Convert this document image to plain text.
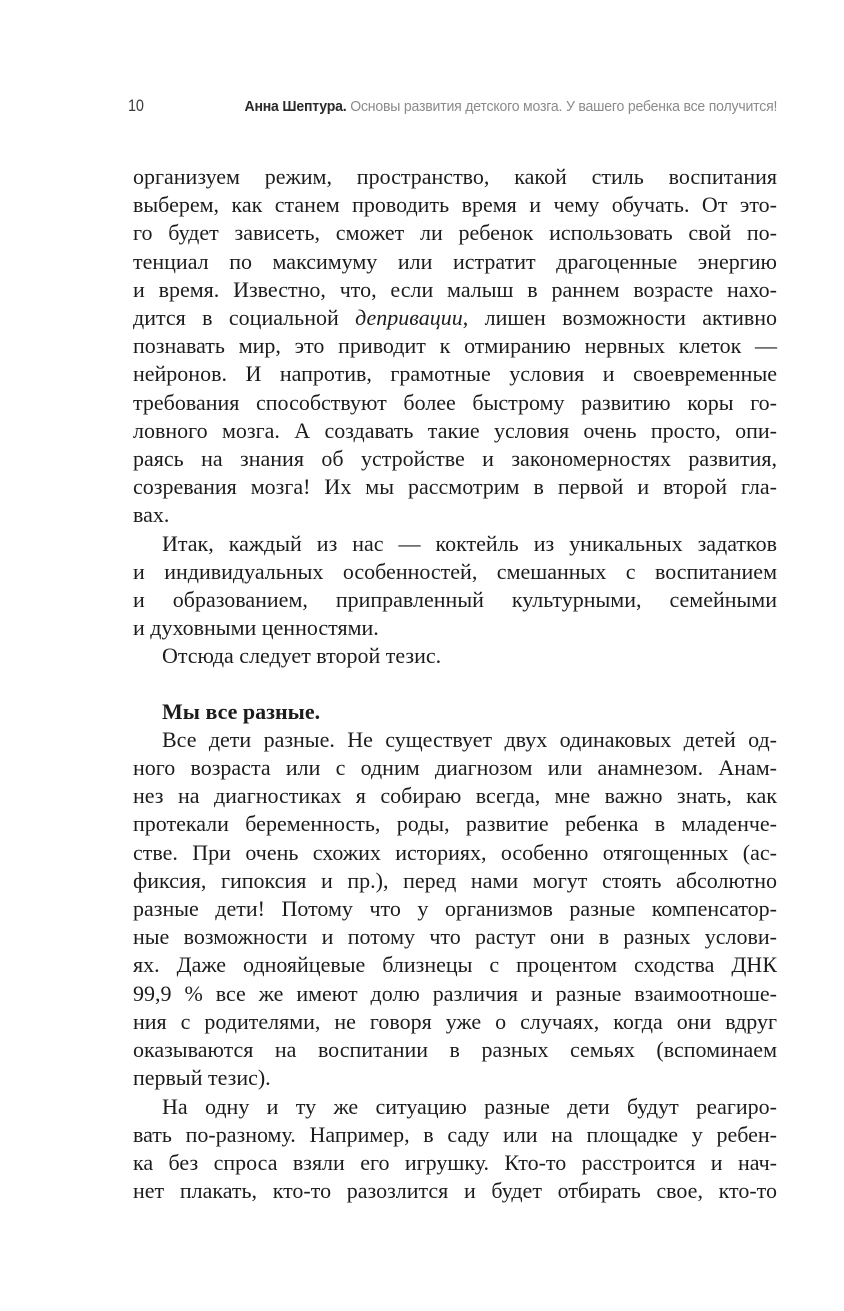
10	Анна Шептура. Основы развития детского мозга. У вашего ребенка все получится!
организуем режим, пространство, какой стиль воспитания
выберем, как станем проводить время и чему обучать. От это-
го будет зависеть, сможет ли ребенок использовать свой по-
тенциал по максимуму или истратит драгоценные энергию
и время. Известно, что, если малыш в раннем возрасте нахо-
дится в социальной депривации, лишен возможности активно
познавать мир, это приводит к отмиранию нервных клеток —
нейронов. И напротив, грамотные условия и своевременные
требования способствуют более быстрому развитию коры го-
ловного мозга. А создавать такие условия очень просто, опи-
раясь на знания об устройстве и закономерностях развития,
созревания мозга! Их мы рассмотрим в первой и второй гла-
вах.
Итак, каждый из нас — коктейль из уникальных задатков
и индивидуальных особенностей, смешанных с воспитанием
и образованием, приправленный культурными, семейными
и духовными ценностями.
Отсюда следует второй тезис.
Мы все разные.
Все дети разные. Не существует двух одинаковых детей од-
ного возраста или с одним диагнозом или анамнезом. Анам-
нез на диагностиках я собираю всегда, мне важно знать, как
протекали беременность, роды, развитие ребенка в младенче-
стве. При очень схожих историях, особенно отягощенных (ас-
фиксия, гипоксия и пр.), перед нами могут стоять абсолютно
разные дети! Потому что у организмов разные компенсатор-
ные возможности и потому что растут они в разных услови-
ях. Даже однояйцевые близнецы с процентом сходства ДНК
99,9 % все же имеют долю различия и разные взаимоотноше-
ния с родителями, не говоря уже о случаях, когда они вдруг
оказываются на воспитании в разных семьях (вспоминаем
первый тезис).
На одну и ту же ситуацию разные дети будут реагиро-
вать по-разному. Например, в саду или на площадке у ребен-
ка без спроса взяли его игрушку. Кто-то расстроится и нач-
нет плакать, кто-то разозлится и будет отбирать свое, кто-то
